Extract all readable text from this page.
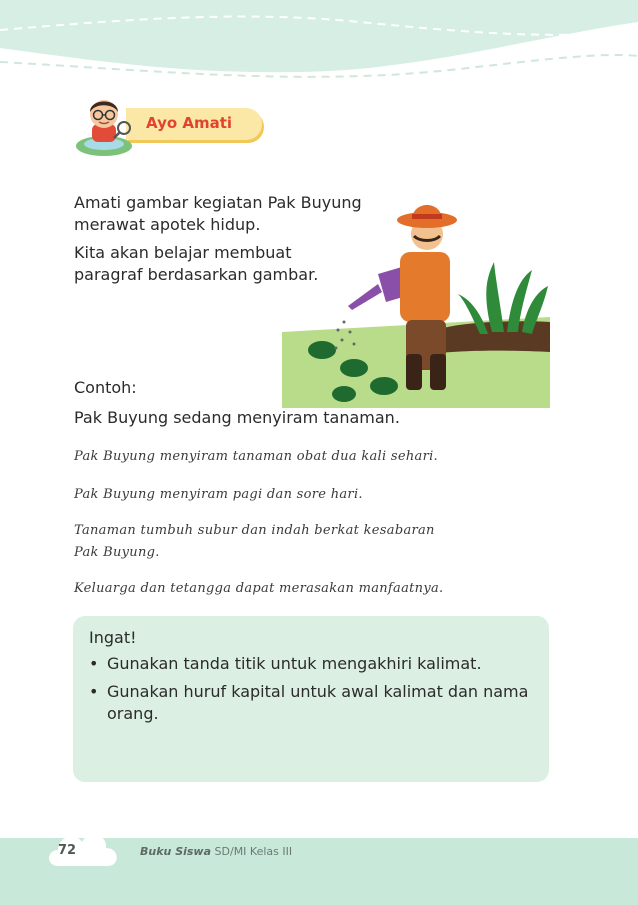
Ayo Amati

Amati gambar kegiatan Pak Buyung merawat apotek hidup.

Kita akan belajar membuat paragraf berdasarkan gambar.

Contoh:
Pak Buyung sedang menyiram tanaman.
Pak Buyung menyiram tanaman obat dua kali sehari.
Pak Buyung menyiram pagi dan sore hari.
Tanaman tumbuh subur dan indah berkat kesabaran
Pak Buyung.
Keluarga dan tetangga dapat merasakan manfaatnya.
Ingat!
• Gunakan tanda titik untuk mengakhiri kalimat.
• Gunakan huruf kapital untuk awal kalimat dan nama orang.
72	Buku Siswa SD/MI Kelas III
